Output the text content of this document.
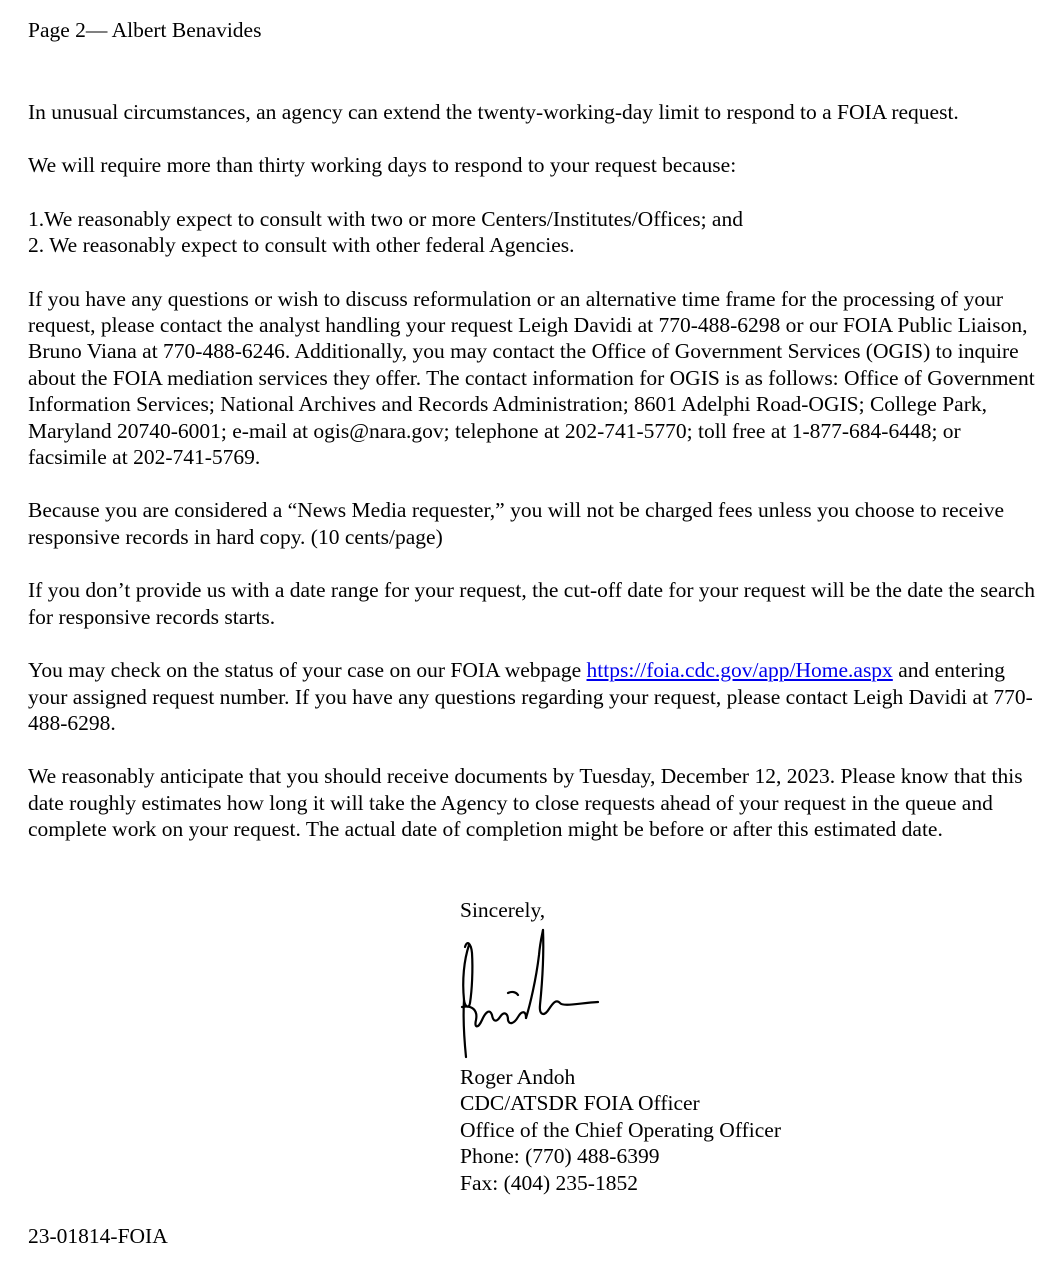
Page 2— Albert Benavides

In unusual circumstances, an agency can extend the twenty-working-day limit to respond to a FOIA request.

We will require more than thirty working days to respond to your request because:

1.We reasonably expect to consult with two or more Centers/Institutes/Offices; and
2. We reasonably expect to consult with other federal Agencies.

If you have any questions or wish to discuss reformulation or an alternative time frame for the processing of your request, please contact the analyst handling your request Leigh Davidi at 770-488-6298 or our FOIA Public Liaison, Bruno Viana at 770-488-6246. Additionally, you may contact the Office of Government Services (OGIS) to inquire about the FOIA mediation services they offer. The contact information for OGIS is as follows: Office of Government Information Services; National Archives and Records Administration; 8601 Adelphi Road-OGIS; College Park, Maryland 20740-6001; e-mail at ogis@nara.gov; telephone at 202-741-5770; toll free at 1-877-684-6448; or facsimile at 202-741-5769.

Because you are considered a “News Media requester,” you will not be charged fees unless you choose to receive responsive records in hard copy. (10 cents/page)

If you don’t provide us with a date range for your request, the cut-off date for your request will be the date the search for responsive records starts.

You may check on the status of your case on our FOIA webpage https://foia.cdc.gov/app/Home.aspx and entering your assigned request number. If you have any questions regarding your request, please contact Leigh Davidi at 770-488-6298.

We reasonably anticipate that you should receive documents by Tuesday, December 12, 2023. Please know that this date roughly estimates how long it will take the Agency to close requests ahead of your request in the queue and complete work on your request. The actual date of completion might be before or after this estimated date.

Sincerely,
Roger Andoh
CDC/ATSDR FOIA Officer
Office of the Chief Operating Officer
Phone: (770) 488-6399
Fax: (404) 235-1852
23-01814-FOIA
